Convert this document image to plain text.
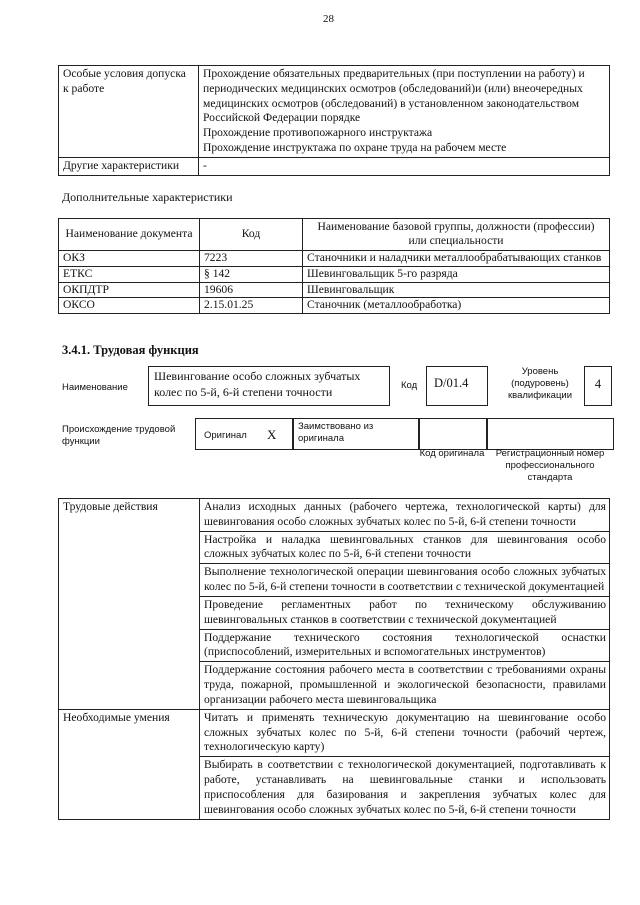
28
Особые условия допуска к работе	Прохождение обязательных предварительных (при поступлении на работу) и периодических медицинских осмотров (обследований)и (или) внеочередных медицинских осмотров (обследований) в установленном законодательством Российской Федерации порядке
Прохождение противопожарного инструктажа
Прохождение инструктажа по охране труда на рабочем месте

Другие характеристики	-
Дополнительные характеристики
Наименование документа	Код	Наименование базовой группы, должности (профессии) или специальности
ОКЗ	7223	Станочники и наладчики металлообрабатывающих станков
ЕТКС	§ 142	Шевинговальщик 5-го разряда
ОКПДТР	19606	Шевинговальщик
ОКСО	2.15.01.25	Станочник (металлообработка)
3.4.1. Трудовая функция
Наименование
Шевингование особо сложных зубчатых колес по 5-й, 6-й степени точности	Код	D/01.4
Уровень (подуровень) квалификации
4
Происхождение трудовой функции
Оригинал X
Заимствовано из оригинала
Код оригинала	Регистрационный номер профессионального стандарта
Трудовые действия	Анализ исходных данных (рабочего чертежа, технологической карты) для шевингования особо сложных зубчатых колес по 5-й, 6-й степени точности
	Настройка и наладка шевинговальных станков для шевингования особо сложных зубчатых колес по 5-й, 6-й степени точности
	Выполнение технологической операции шевингования особо сложных зубчатых колес по 5-й, 6-й степени точности в соответствии с технической документацией
	Проведение регламентных работ по техническому обслуживанию шевинговальных станков в соответствии с технической документацией
	Поддержание технического состояния технологической оснастки (приспособлений, измерительных и вспомогательных инструментов)
	Поддержание состояния рабочего места в соответствии с требованиями охраны труда, пожарной, промышленной и экологической безопасности, правилами организации рабочего места шевинговальщика
Необходимые умения	Читать и применять техническую документацию на шевингование особо сложных зубчатых колес по 5-й, 6-й степени точности (рабочий чертеж, технологическую карту)
	Выбирать в соответствии с технологической документацией, подготавливать к работе, устанавливать на шевинговальные станки и использовать приспособления для базирования и закрепления зубчатых колес для шевингования особо сложных зубчатых колес по 5-й, 6-й степени точности
